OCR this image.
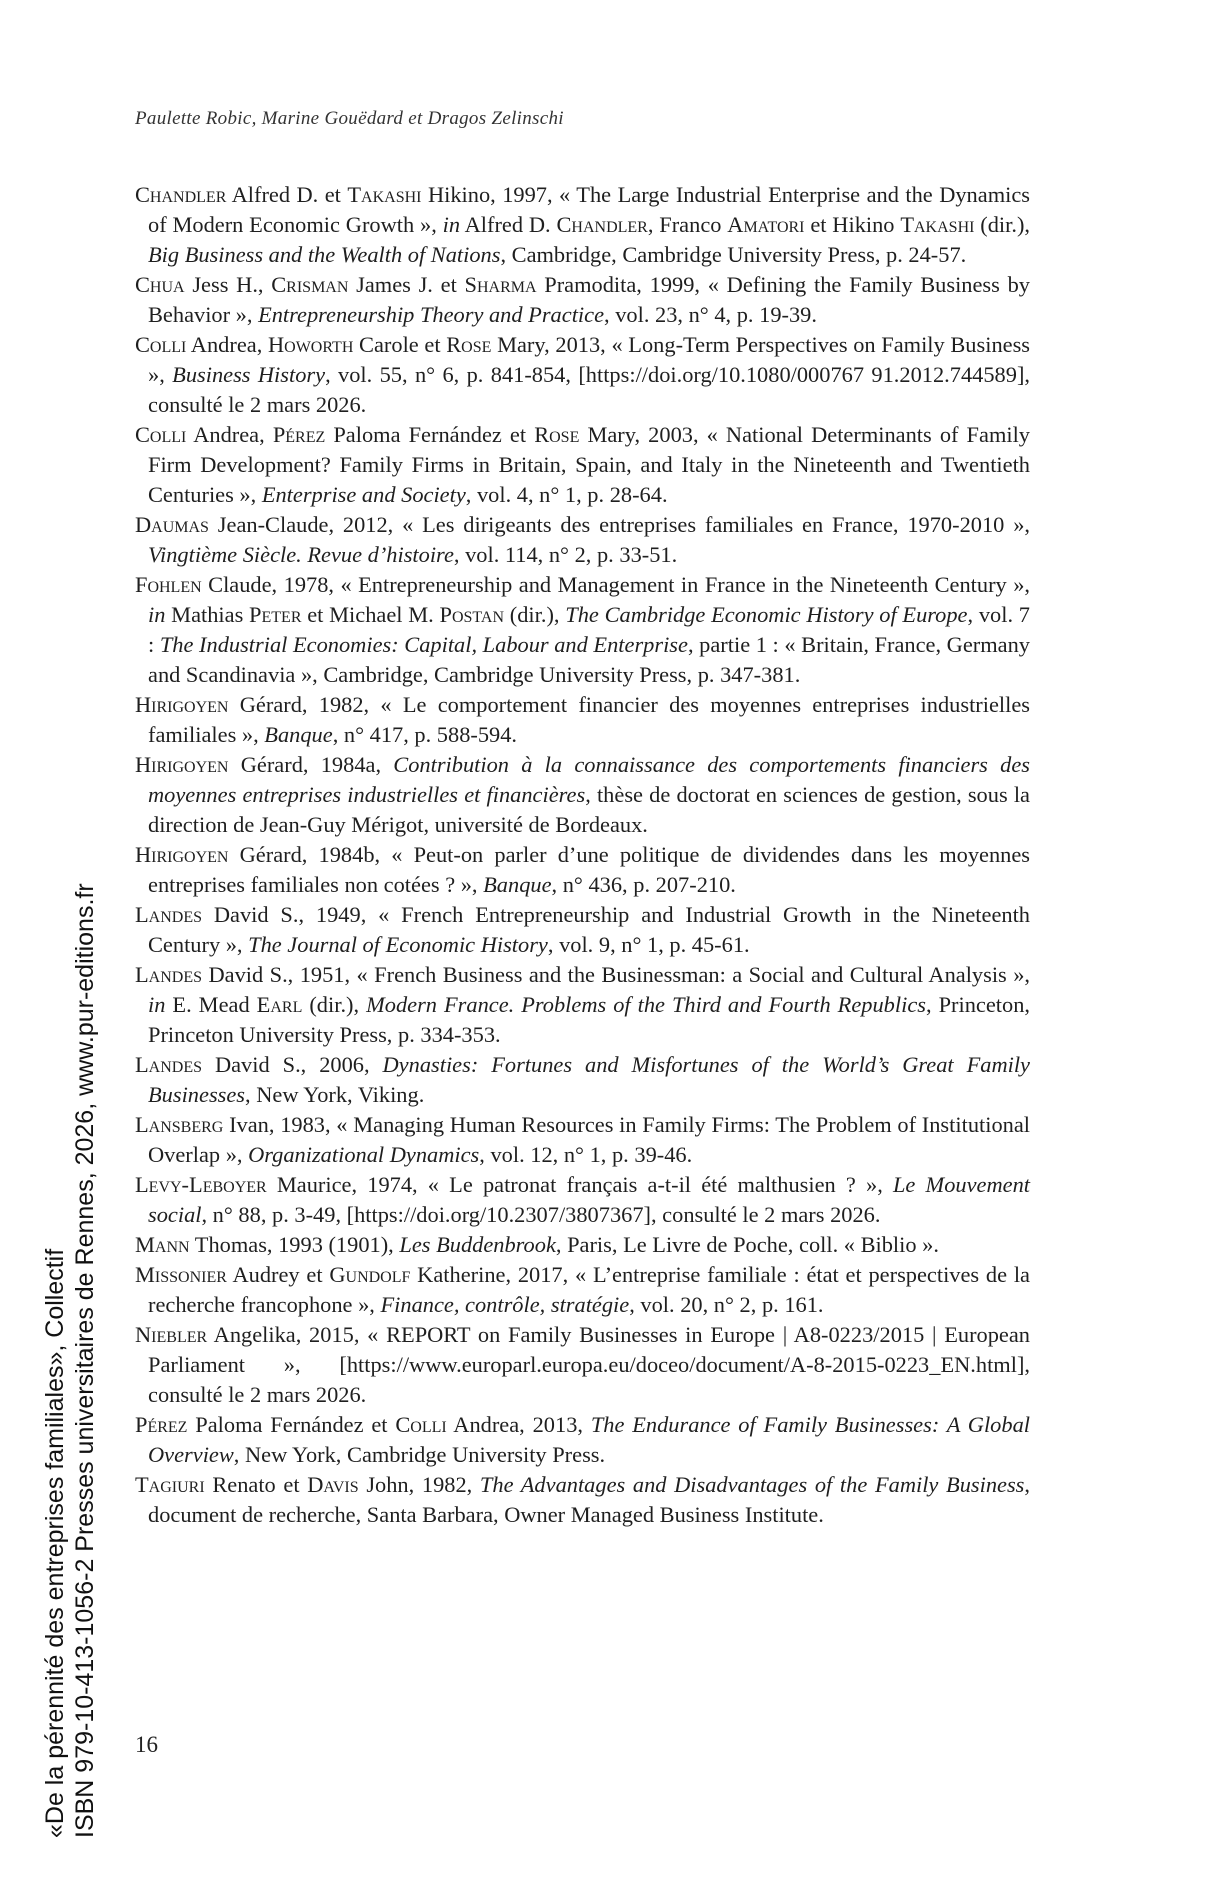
Paulette Robic, Marine Gouëdard et Dragos Zelinschi

Chandler Alfred D. et Takashi Hikino, 1997, « The Large Industrial Enterprise and the Dynamics of Modern Economic Growth », in Alfred D. Chandler, Franco Amatori et Hikino Takashi (dir.), Big Business and the Wealth of Nations, Cambridge, Cambridge University Press, p. 24-57.

Chua Jess H., Crisman James J. et Sharma Pramodita, 1999, « Defining the Family Business by Behavior », Entrepreneurship Theory and Practice, vol. 23, n° 4, p. 19-39.

Colli Andrea, Howorth Carole et Rose Mary, 2013, « Long-Term Perspectives on Family Business », Business History, vol. 55, n° 6, p. 841-854, [https://doi.org/10.1080/000767 91.2012.744589], consulté le 2 mars 2026.

Colli Andrea, Pérez Paloma Fernández et Rose Mary, 2003, « National Determinants of Family Firm Development? Family Firms in Britain, Spain, and Italy in the Nineteenth and Twentieth Centuries », Enterprise and Society, vol. 4, n° 1, p. 28-64.

Daumas Jean-Claude, 2012, « Les dirigeants des entreprises familiales en France, 1970-2010 », Vingtième Siècle. Revue d’histoire, vol. 114, n° 2, p. 33-51.

Fohlen Claude, 1978, « Entrepreneurship and Management in France in the Nineteenth Century », in Mathias Peter et Michael M. Postan (dir.), The Cambridge Economic History of Europe, vol. 7 : The Industrial Economies: Capital, Labour and Enterprise, partie 1 : « Britain, France, Germany and Scandinavia », Cambridge, Cambridge University Press, p. 347-381.

Hirigoyen Gérard, 1982, « Le comportement financier des moyennes entreprises industrielles familiales », Banque, n° 417, p. 588-594.

Hirigoyen Gérard, 1984a, Contribution à la connaissance des comportements financiers des moyennes entreprises industrielles et financières, thèse de doctorat en sciences de gestion, sous la direction de Jean-Guy Mérigot, université de Bordeaux.

Hirigoyen Gérard, 1984b, « Peut-on parler d’une politique de dividendes dans les moyennes entreprises familiales non cotées ? », Banque, n° 436, p. 207-210.

Landes David S., 1949, « French Entrepreneurship and Industrial Growth in the Nineteenth Century », The Journal of Economic History, vol. 9, n° 1, p. 45-61.

Landes David S., 1951, « French Business and the Businessman: a Social and Cultural Analysis », in E. Mead Earl (dir.), Modern France. Problems of the Third and Fourth Republics, Princeton, Princeton University Press, p. 334-353.

Landes David S., 2006, Dynasties: Fortunes and Misfortunes of the World’s Great Family Businesses, New York, Viking.

Lansberg Ivan, 1983, « Managing Human Resources in Family Firms: The Problem of Institutional Overlap », Organizational Dynamics, vol. 12, n° 1, p. 39-46.

Levy-Leboyer Maurice, 1974, « Le patronat français a-t-il été malthusien ? », Le Mouvement social, n° 88, p. 3-49, [https://doi.org/10.2307/3807367], consulté le 2 mars 2026.

Mann Thomas, 1993 (1901), Les Buddenbrook, Paris, Le Livre de Poche, coll. « Biblio ».

Missonier Audrey et Gundolf Katherine, 2017, « L’entreprise familiale : état et perspectives de la recherche francophone », Finance, contrôle, stratégie, vol. 20, n° 2, p. 161.

Niebler Angelika, 2015, « REPORT on Family Businesses in Europe | A8-0223/2015 | European Parliament », [https://www.europarl.europa.eu/doceo/document/A-8-2015-0223_EN.html], consulté le 2 mars 2026.

Pérez Paloma Fernández et Colli Andrea, 2013, The Endurance of Family Businesses: A Global Overview, New York, Cambridge University Press.

Tagiuri Renato et Davis John, 1982, The Advantages and Disadvantages of the Family Business, document de recherche, Santa Barbara, Owner Managed Business Institute.

16
«De la pérennité des entreprises familiales», Collectif ISBN 979-10-413-1056-2 Presses universitaires de Rennes, 2026, www.pur-editions.fr
